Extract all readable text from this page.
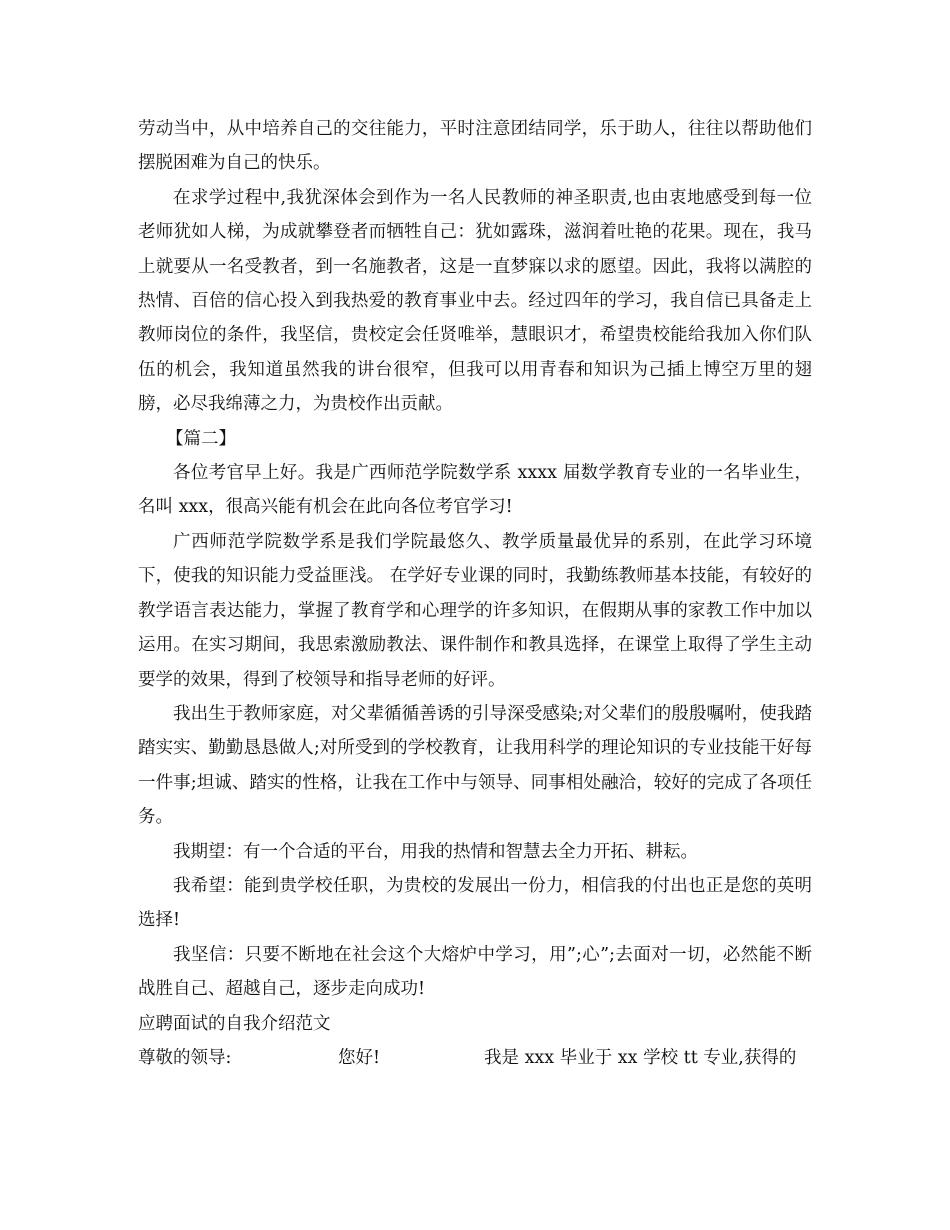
劳动当中，从中培养自己的交往能力，平时注意团结同学，乐于助人，往往以帮助他们摆脱困难为自己的快乐。

在求学过程中,我犹深体会到作为一名人民教师的神圣职责,也由衷地感受到每一位老师犹如人梯，为成就攀登者而牺牲自己：犹如露珠，滋润着吐艳的花果。现在，我马上就要从一名受教者，到一名施教者，这是一直梦寐以求的愿望。因此，我将以满腔的热情、百倍的信心投入到我热爱的教育事业中去。经过四年的学习，我自信已具备走上教师岗位的条件，我坚信，贵校定会任贤唯举，慧眼识才，希望贵校能给我加入你们队伍的机会，我知道虽然我的讲台很窄，但我可以用青春和知识为己插上博空万里的翅膀，必尽我绵薄之力，为贵校作出贡献。

【篇二】

各位考官早上好。我是广西师范学院数学系 xxxx 届数学教育专业的一名毕业生，名叫 xxx，很高兴能有机会在此向各位考官学习!

广西师范学院数学系是我们学院最悠久、教学质量最优异的系别，在此学习环境下，使我的知识能力受益匪浅。 在学好专业课的同时，我勤练教师基本技能，有较好的教学语言表达能力，掌握了教育学和心理学的许多知识，在假期从事的家教工作中加以运用。在实习期间，我思索激励教法、课件制作和教具选择，在课堂上取得了学生主动要学的效果，得到了校领导和指导老师的好评。

我出生于教师家庭，对父辈循循善诱的引导深受感染;对父辈们的殷殷嘱咐，使我踏踏实实、勤勤恳恳做人;对所受到的学校教育，让我用科学的理论知识的专业技能干好每一件事;坦诚、踏实的性格，让我在工作中与领导、同事相处融洽，较好的完成了各项任务。

我期望：有一个合适的平台，用我的热情和智慧去全力开拓、耕耘。

我希望：能到贵学校任职，为贵校的发展出一份力，相信我的付出也正是您的英明选择!

我坚信：只要不断地在社会这个大熔炉中学习，用”;心”;去面对一切，必然能不断战胜自己、超越自己，逐步走向成功!

应聘面试的自我介绍范文

尊敬的领导:	您好!	我是 xxx 毕业于 xx 学校 tt 专业,获得的
